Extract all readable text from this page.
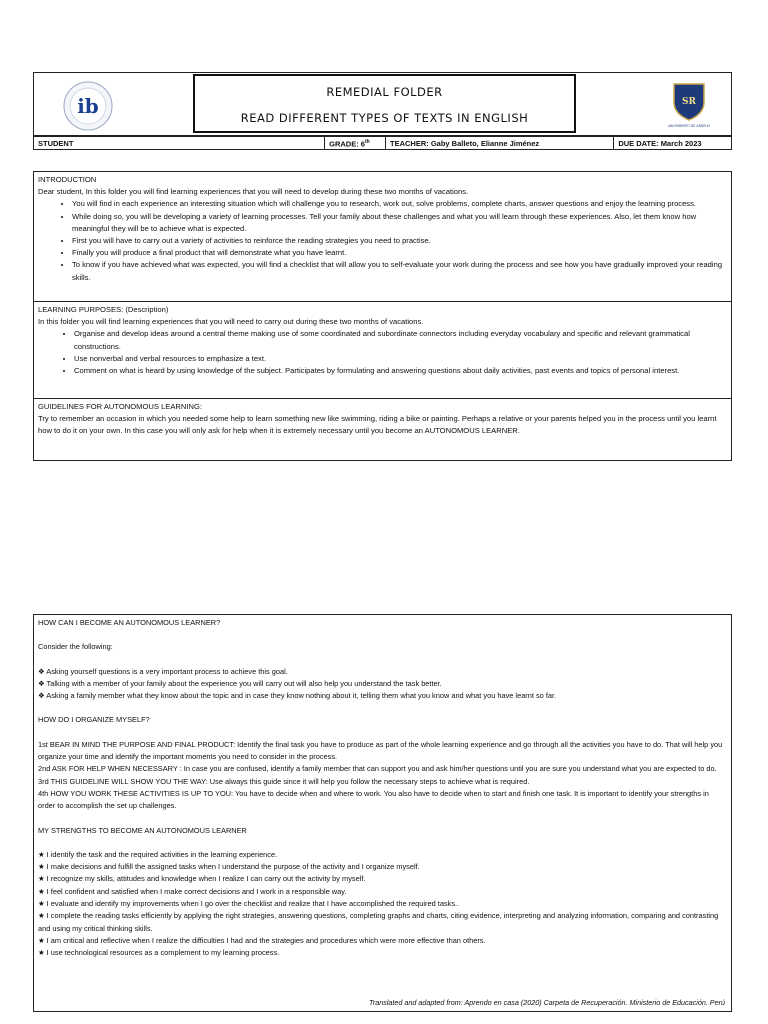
ib
REMEDIAL FOLDER
READ DIFFERENT TYPES OF TEXTS IN ENGLISH
SR
SAN ROBERTO DE ARGELES
STUDENT	GRADE: 6th	TEACHER: Gaby Balleto, Elianne Jiménez	DUE DATE: March 2023

INTRODUCTION

Dear student, In this folder you will find learning experiences that you will need to develop during these two months of vacations.

• You will find in each experience an interesting situation which will challenge you to research, work out, solve problems, complete charts, answer questions and enjoy the learning process.
• While doing so, you will be developing a variety of learning processes. Tell your family about these challenges and what you will learn through these experiences. Also, let them know how meaningful they will be to achieve what is expected.
• First you will have to carry out a variety of activities to reinforce the reading strategies you need to practise.
• Finally you will produce a final product that will demonstrate what you have learnt.
• To know if you have achieved what was expected, you will find a checklist that will allow you to self-evaluate your work during the process and see how you have gradually improved your reading skills.

LEARNING PURPOSES: (Description)

In this folder you will find learning experiences that you will need to carry out during these two months of vacations.

• Organise and develop ideas around a central theme making use of some coordinated and subordinate connectors including everyday vocabulary and specific and relevant grammatical constructions.
• Use nonverbal and verbal resources to emphasize a text.
• Comment on what is heard by using knowledge of the subject. Participates by formulating and answering questions about daily activities, past events and topics of personal interest.

GUIDELINES FOR AUTONOMOUS LEARNING:

Try to remember an occasion in which you needed some help to learn something new like swimming, riding a bike or painting. Perhaps a relative or your parents helped you in the process until you learnt how to do it on your own. In this case you will only ask for help when it is extremely necessary until you become an AUTONOMOUS LEARNER.

HOW CAN I BECOME AN AUTONOMOUS LEARNER?

Consider the following:

❖ Asking yourself questions is a very important process to achieve this goal.

❖ Talking with a member of your family about the experience you will carry out will also help you understand the task better.

❖ Asking a family member what they know about the topic and in case they know nothing about it, telling them what you know and what you have learnt so far.

HOW DO I ORGANIZE MYSELF?

1st BEAR IN MIND THE PURPOSE AND FINAL PRODUCT: Identify the final task you have to produce as part of the whole learning experience and go through all the activities you have to do. That will help you organize your time and identify the important moments you need to consider in the process.

2nd ASK FOR HELP WHEN NECESSARY : In case you are confused, identify a family member that can support you and ask him/her questions until you are sure you understand what you are expected to do.

3rd THIS GUIDELINE WILL SHOW YOU THE WAY: Use always this guide since it will help you follow the necessary steps to achieve what is required.

4th HOW YOU WORK THESE ACTIVITIES IS UP TO YOU: You have to decide when and where to work. You also have to decide when to start and finish one task. It is important to identify your strengths in order to accomplish the set up challenges.

MY STRENGTHS TO BECOME AN AUTONOMOUS LEARNER

★ I identify the task and the required activities in the learning experience.

★ I make decisions and fulfill the assigned tasks when I understand the purpose of the activity and I organize myself.

★ I recognize my skills, attitudes and knowledge when I realize I can carry out the activity by myself.

★ I feel confident and satisfied when I make correct decisions and I work in a responsible way.

★ I evaluate and identify my improvements when I go over the checklist and realize that I have accomplished the required tasks..

★ I complete the reading tasks efficiently by applying the right strategies, answering questions, completing graphs and charts, citing evidence, interpreting and analyzing information, comparing and contrasting and using my critical thinking skills.

★ I am critical and reflective when I realize the difficulties I had and the strategies and procedures which were more effective than others.

★ I use technological resources as a complement to my learning process.

Translated and adapted from: Aprendo en casa (2020) Carpeta de Recuperación. Ministerio de Educación. Perú
